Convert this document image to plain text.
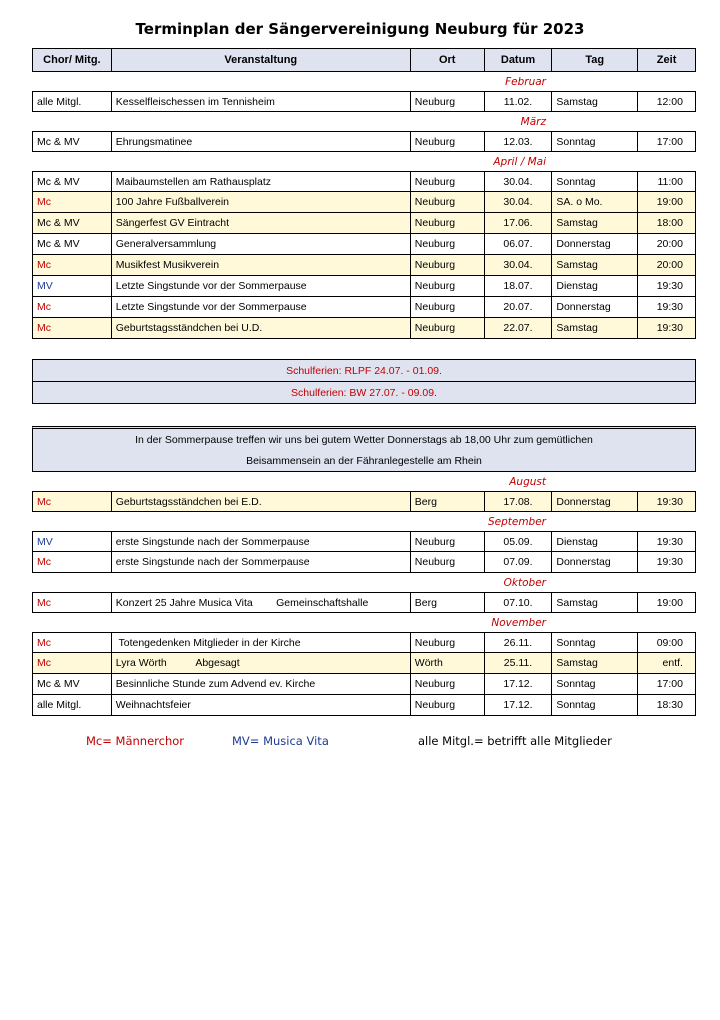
Terminplan der Sängervereinigung Neuburg für 2023
Chor/ Mitg.	Veranstaltung	Ort	Datum	Tag	Zeit
Februar
alle Mitgl.	Kesselfleischessen im Tennisheim	Neuburg	11.02.	Samstag	12:00
März
Mc & MV	Ehrungsmatinee	Neuburg	12.03.	Sonntag	17:00
April / Mai
Mc & MV	Maibaumstellen am Rathausplatz	Neuburg	30.04.	Sonntag	11:00
Mc	100 Jahre Fußballverein	Neuburg	30.04.	SA. o Mo.	19:00
Mc & MV	Sängerfest GV Eintracht	Neuburg	17.06.	Samstag	18:00
Mc & MV	Generalversammlung	Neuburg	06.07.	Donnerstag	20:00
Mc	Musikfest Musikverein	Neuburg	30.04.	Samstag	20:00
MV	Letzte Singstunde vor der Sommerpause	Neuburg	18.07.	Dienstag	19:30
Mc	Letzte Singstunde vor der Sommerpause	Neuburg	20.07.	Donnerstag	19:30
Mc	Geburtstagsständchen bei U.D.	Neuburg	22.07.	Samstag	19:30
Schulferien: RLPF 24.07. - 01.09.
Schulferien: BW 27.07. - 09.09.
In der Sommerpause treffen wir uns bei gutem Wetter Donnerstags ab 18,00 Uhr zum gemütlichen
Beisammensein an der Fähranlegestelle am Rhein
August
Mc	Geburtstagsständchen bei E.D.	Berg	17.08.	Donnerstag	19:30
September
MV	erste Singstunde nach der Sommerpause	Neuburg	05.09.	Dienstag	19:30
Mc	erste Singstunde nach der Sommerpause	Neuburg	07.09.	Donnerstag	19:30
Oktober
Mc	Konzert 25 Jahre Musica Vita        Gemeinschaftshalle	Berg	07.10.	Samstag	19:00
November
Mc	Totengedenken Mitglieder in der Kirche	Neuburg	26.11.	Sonntag	09:00
Mc	Lyra Wörth          Abgesagt	Wörth	25.11.	Samstag	entf.
Mc & MV	Besinnliche Stunde zum Advend ev. Kirche	Neuburg	17.12.	Sonntag	17:00
alle Mitgl.	Weihnachtsfeier	Neuburg	17.12.	Sonntag	18:30
Mc= Männerchor	MV= Musica Vita	alle Mitgl.= betrifft alle Mitglieder
